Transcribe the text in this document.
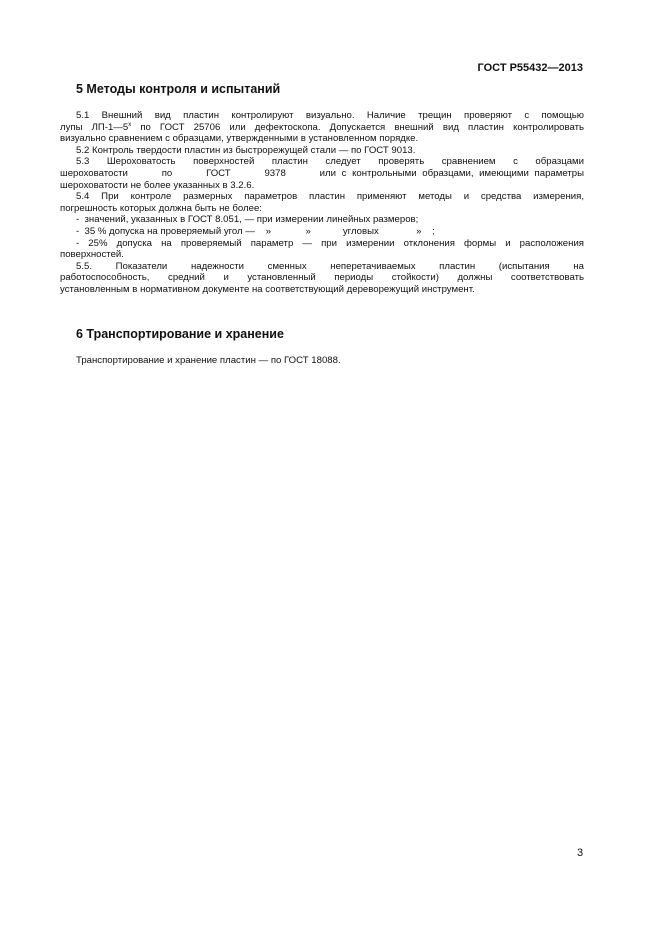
ГОСТ Р55432—2013
5 Методы контроля и испытаний

5.1 Внешний вид пластин контролируют визуально. Наличие трещин проверяют с помощью

лупы ЛП-1—5$^x$ по ГОСТ 25706 или дефектоскопа. Допускается внешний вид пластин контролировать

визуально сравнением с образцами, утвержденными в установленном порядке.

5.2 Контроль твердости пластин из быстрорежущей стали — по ГОСТ 9013.

5.3 Шероховатость поверхностей пластин следует проверять сравнением с образцами

шероховатости	по	ГОСТ	9378	или с контрольными образцами, имеющими параметры

шероховатости не более указанных в 3.2.6.

5.4 При контроле размерных параметров пластин применяют методы и средства измерения,

погрешность которых должна быть не более:

-  значений, указанных в ГОСТ 8.051, — при измерении линейных размеров;

-  35 % допуска на проверяемый угол —    »             »            угловых              »    ;

- 25% допуска на проверяемый параметр — при измерении отклонения формы и расположения

поверхностей.

5.5. Показатели надежности сменных неперетачиваемых пластин (испытания на

работоспособность, средний и установленный периоды стойкости) должны соответствовать

установленным в нормативном документе на соответствующий дереворежущий инструмент.

6 Транспортирование и хранение
Транспортирование и хранение пластин — по ГОСТ 18088.
3
